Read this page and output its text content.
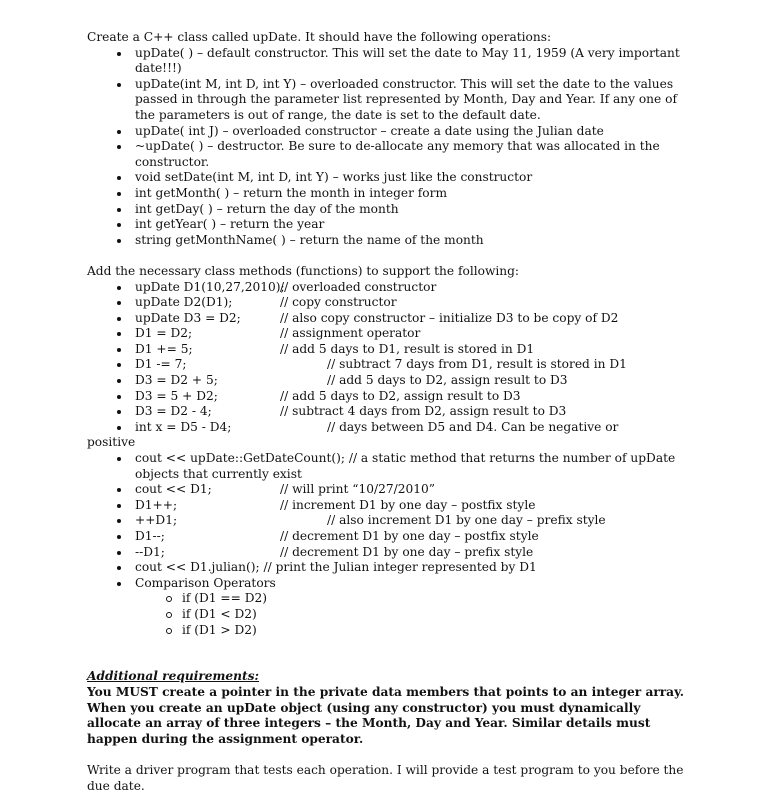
Create a C++ class called upDate. It should have the following operations:

upDate( ) – default constructor. This will set the date to May 11, 1959 (A very important date!!!)
upDate(int M, int D, int Y) – overloaded constructor. This will set the date to the values passed in through the parameter list represented by Month, Day and Year. If any one of the parameters is out of range, the date is set to the default date.
upDate( int J) – overloaded constructor – create a date using the Julian date
~upDate( ) – destructor. Be sure to de-allocate any memory that was allocated in the constructor.
void setDate(int M, int D, int Y) – works just like the constructor
int getMonth( ) – return the month in integer form
int getDay( ) – return the day of the month
int getYear( ) – return the year
string getMonthName( ) – return the name of the month

Add the necessary class methods (functions) to support the following:

upDate D1(10,27,2010);// overloaded constructor
upDate D2(D1);	// copy constructor
upDate D3 = D2;	// also copy constructor – initialize D3 to be copy of D2
D1 = D2;	// assignment operator
D1 += 5;	// add 5 days to D1, result is stored in D1
D1 -= 7;	// subtract 7 days from D1, result is stored in D1
D3 = D2 + 5;	// add 5 days to D2, assign result to D3
D3 = 5 + D2;	// add 5 days to D2, assign result to D3
D3 = D2 - 4;	// subtract 4 days from D2, assign result to D3
int x = D5 - D4;	// days between D5 and D4. Can be negative or
positive
cout << upDate::GetDateCount(); // a static method that returns the number of upDate objects that currently exist
cout << D1;	// will print “10/27/2010”
D1++;	// increment D1 by one day – postfix style
++D1;	// also increment D1 by one day – prefix style
D1--;	// decrement D1 by one day – postfix style
--D1;	// decrement D1 by one day – prefix style
cout << D1.julian(); // print the Julian integer represented by D1
Comparison Operators
if (D1 == D2)
if (D1 < D2)
if (D1 > D2)

Additional requirements:

You MUST create a pointer in the private data members that points to an integer array. When you create an upDate object (using any constructor) you must dynamically allocate an array of three integers – the Month, Day and Year. Similar details must happen during the assignment operator.

Write a driver program that tests each operation. I will provide a test program to you before the due date.
